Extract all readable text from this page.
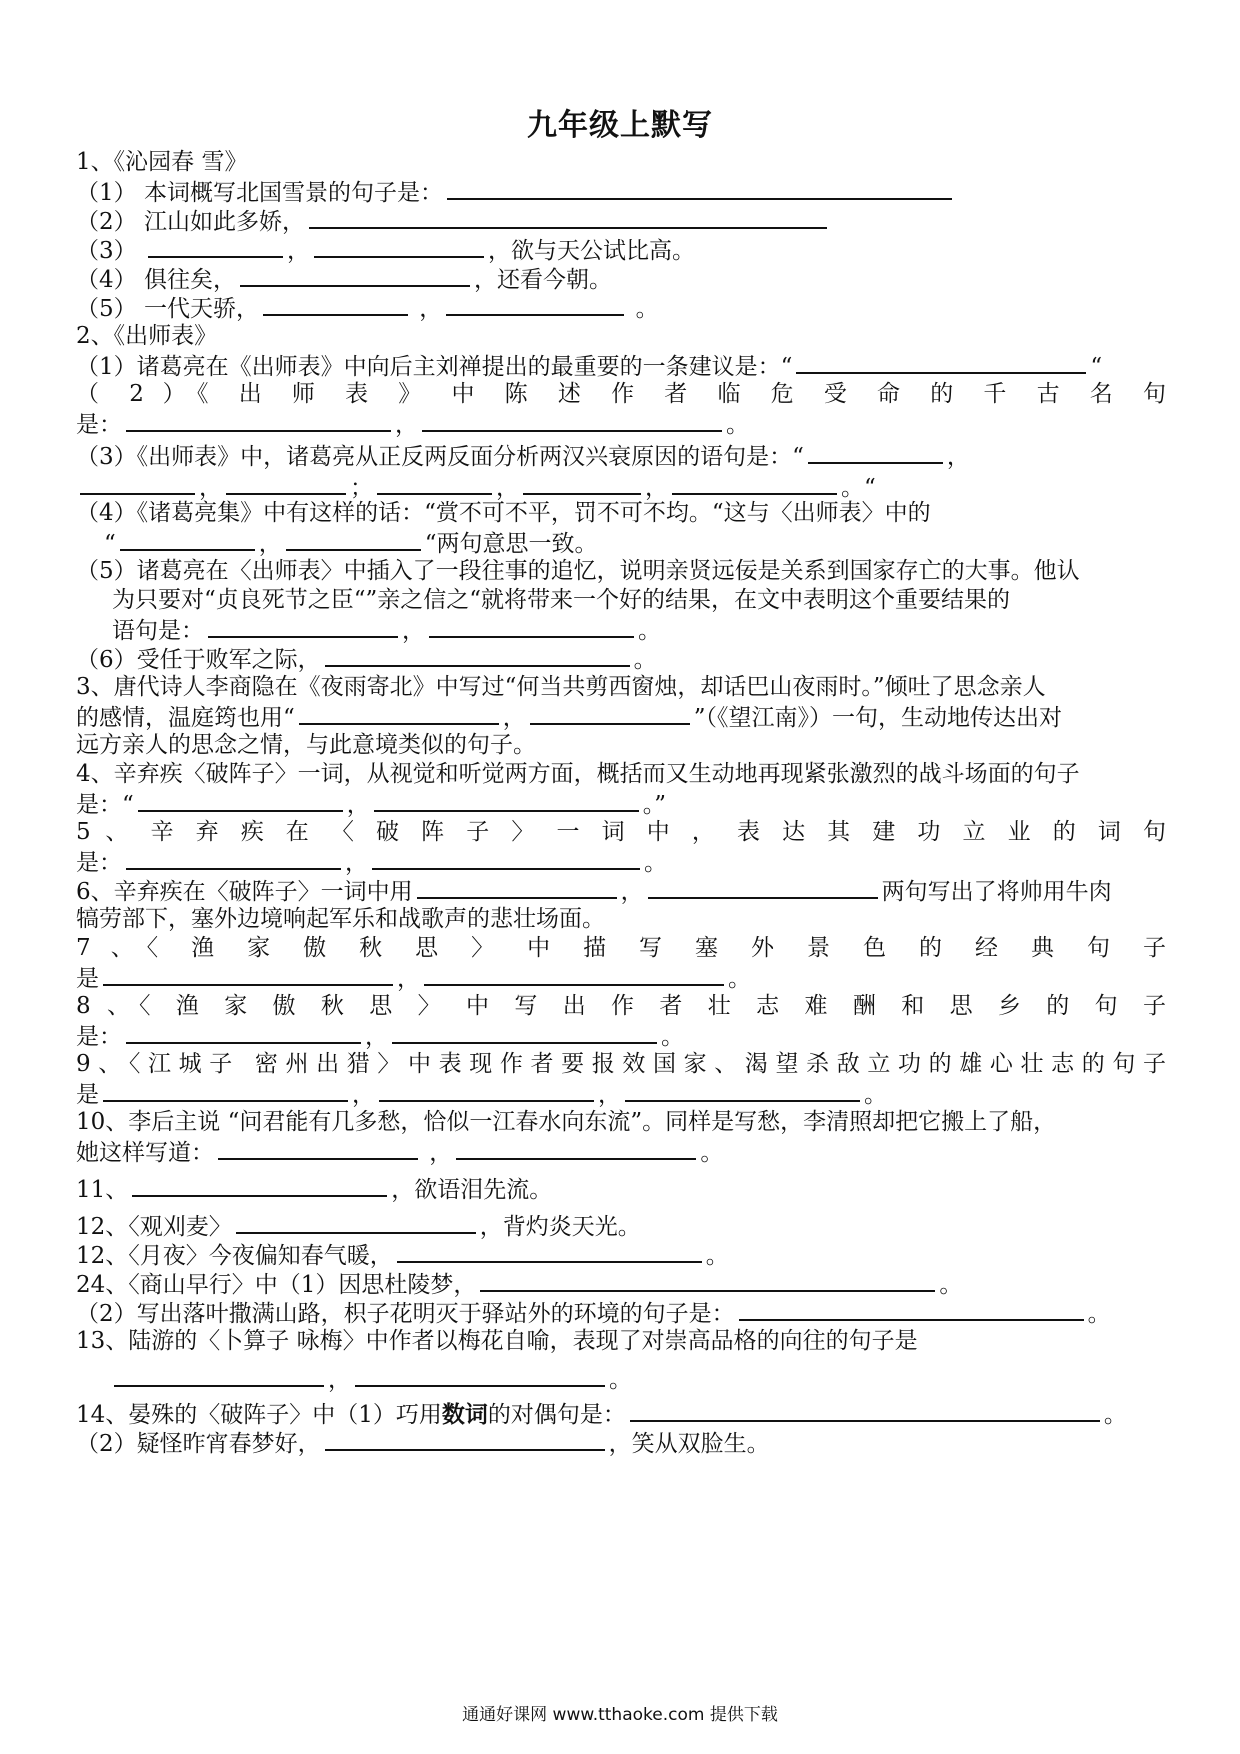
九年级上默写
1、《沁园春 雪》
（1） 本词概写北国雪景的句子是：
（2） 江山如此多娇，
（3）	，	，欲与天公试比高。
（4） 俱往矣，	，还看今朝。
（5） 一代天骄，	，	。
2、《出师表》
（1）诸葛亮在《出师表》中向后主刘禅提出的最重要的一条建议是：“	“
（ 2 ）《 出 师 表 》 中 陈 述 作 者 临 危 受 命 的 千 古 名 句
是：	，	。
（3）《出师表》中，诸葛亮从正反两反面分析两汉兴衰原因的语句是：“	，
，	；	，	，	。“
（4）《诸葛亮集》中有这样的话：“赏不可不平，罚不可不均。“这与〈出师表〉中的
“	，	“两句意思一致。
（5）诸葛亮在〈出师表〉中插入了一段往事的追忆，说明亲贤远佞是关系到国家存亡的大事。他认
为只要对“贞良死节之臣“”亲之信之“就将带来一个好的结果，在文中表明这个重要结果的
语句是：	，	。
（6）受任于败军之际，	。
3、唐代诗人李商隐在《夜雨寄北》中写过“何当共剪西窗烛，却话巴山夜雨时。”倾吐了思念亲人
的感情，温庭筠也用“	，	”（《望江南》）一句，生动地传达出对
远方亲人的思念之情，与此意境类似的句子。
4、辛弃疾〈破阵子〉一词，从视觉和听觉两方面，概括而又生动地再现紧张激烈的战斗场面的句子
是：“	，	。”
5 、 辛 弃 疾 在 〈 破 阵 子 〉 一 词 中 ， 表 达 其 建 功 立 业 的 词 句
是：	，	。
6、辛弃疾在〈破阵子〉一词中用	，	两句写出了将帅用牛肉
犒劳部下，塞外边境响起军乐和战歌声的悲壮场面。
7 、〈 渔 家 傲 秋 思 〉 中 描 写 塞 外 景 色 的 经 典 句 子
是	，	。
8 、〈 渔 家 傲 秋 思 〉 中 写 出 作 者 壮 志 难 酬 和 思 乡 的 句 子
是：	，	。
9、〈江城子 密州出猎〉中表现作者要报效国家、渴望杀敌立功的雄心壮志的句子
是	，	，	。
10、李后主说 “问君能有几多愁，恰似一江春水向东流”。同样是写愁，李清照却把它搬上了船，
她这样写道：	，	。
11、	，欲语泪先流。
12、〈观刈麦〉	，背灼炎天光。
12、〈月夜〉今夜偏知春气暖，	。
24、〈商山早行〉中（1）因思杜陵梦，	。
（2）写出落叶撒满山路，枳子花明灭于驿站外的环境的句子是：	。
13、陆游的〈卜算子 咏梅〉中作者以梅花自喻，表现了对崇高品格的向往的句子是
，	。
14、晏殊的〈破阵子〉中（1）巧用数词的对偶句是：	。
（2）疑怪昨宵春梦好，	，笑从双脸生。
通通好课网 www.tthaoke.com 提供下载
